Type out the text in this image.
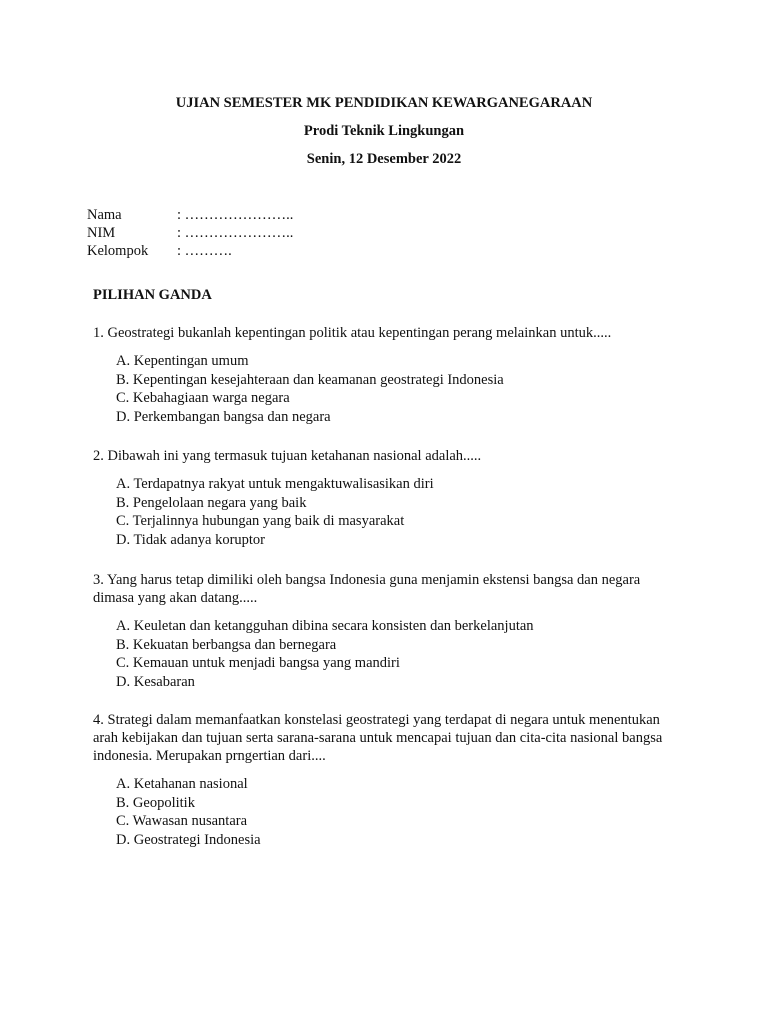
UJIAN SEMESTER MK PENDIDIKAN KEWARGANEGARAAN
Prodi Teknik Lingkungan
Senin, 12 Desember 2022
Nama	: …………………..
NIM	: …………………..
Kelompok	: ……….
PILIHAN GANDA

1. Geostrategi bukanlah kepentingan politik atau kepentingan perang melainkan untuk.....

A. Kepentingan umum
B. Kepentingan kesejahteraan dan keamanan geostrategi Indonesia
C. Kebahagiaan warga negara
D. Perkembangan bangsa dan negara

2. Dibawah ini yang termasuk tujuan ketahanan nasional adalah.....

A. Terdapatnya rakyat untuk mengaktuwalisasikan diri
B. Pengelolaan negara yang baik
C. Terjalinnya hubungan yang baik di masyarakat
D. Tidak adanya koruptor

3. Yang harus tetap dimiliki oleh bangsa Indonesia guna menjamin ekstensi bangsa dan negara dimasa yang akan datang.....

A. Keuletan dan ketangguhan dibina secara konsisten dan berkelanjutan
B. Kekuatan berbangsa dan bernegara
C. Kemauan untuk menjadi bangsa yang mandiri
D. Kesabaran

4. Strategi dalam memanfaatkan konstelasi geostrategi yang terdapat di negara untuk menentukan arah kebijakan dan tujuan serta sarana-sarana untuk mencapai tujuan dan cita-cita nasional bangsa indonesia. Merupakan prngertian dari....

A. Ketahanan nasional
B. Geopolitik
C. Wawasan nusantara
D. Geostrategi Indonesia
